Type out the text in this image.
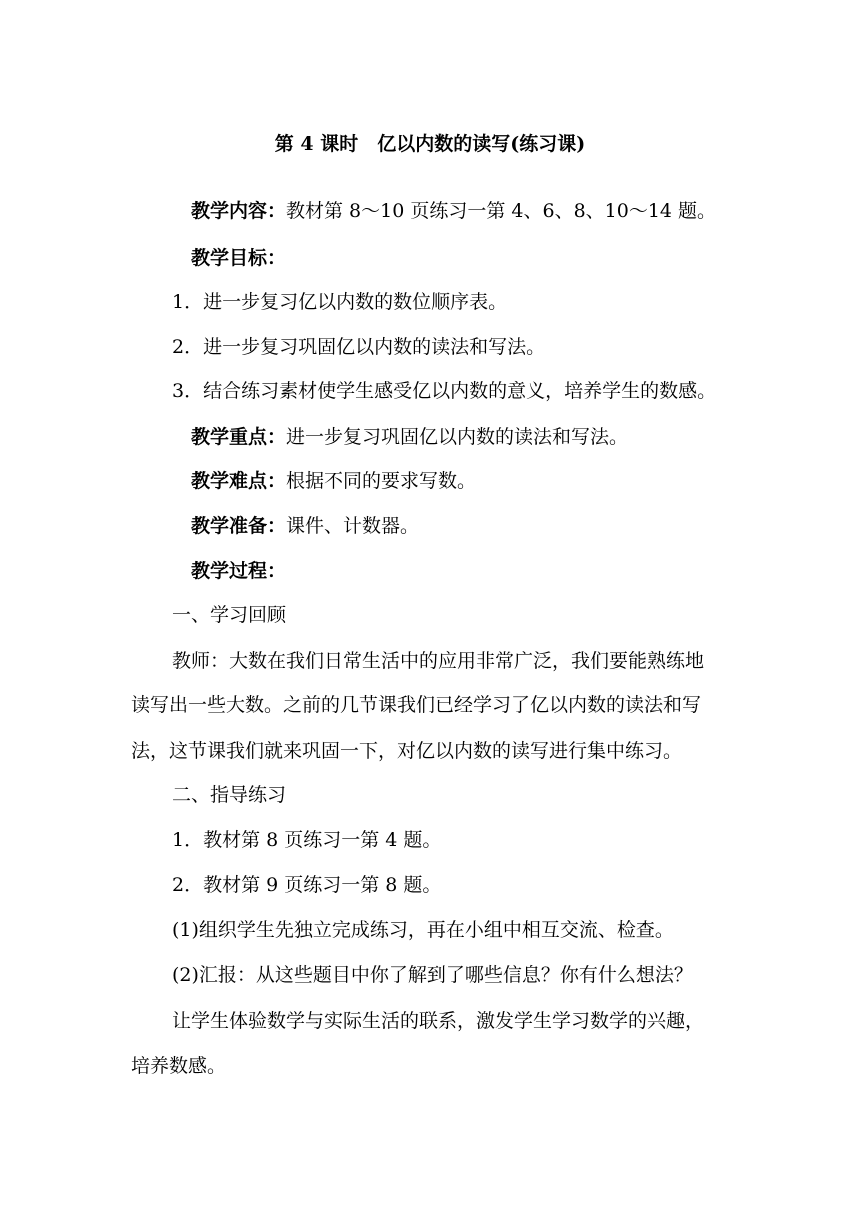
第 4 课时　亿以内数的读写(练习课)
教学内容：教材第 8～10 页练习一第 4、6、8、10～14 题。
教学目标：
1．进一步复习亿以内数的数位顺序表。
2．进一步复习巩固亿以内数的读法和写法。
3．结合练习素材使学生感受亿以内数的意义，培养学生的数感。
教学重点：进一步复习巩固亿以内数的读法和写法。
教学难点：根据不同的要求写数。
教学准备：课件、计数器。
教学过程：
一、学习回顾
教师：大数在我们日常生活中的应用非常广泛，我们要能熟练地
读写出一些大数。之前的几节课我们已经学习了亿以内数的读法和写
法，这节课我们就来巩固一下，对亿以内数的读写进行集中练习。
二、指导练习
1．教材第 8 页练习一第 4 题。
2．教材第 9 页练习一第 8 题。
(1)组织学生先独立完成练习，再在小组中相互交流、检查。
(2)汇报：从这些题目中你了解到了哪些信息？你有什么想法？
让学生体验数学与实际生活的联系，激发学生学习数学的兴趣，
培养数感。
